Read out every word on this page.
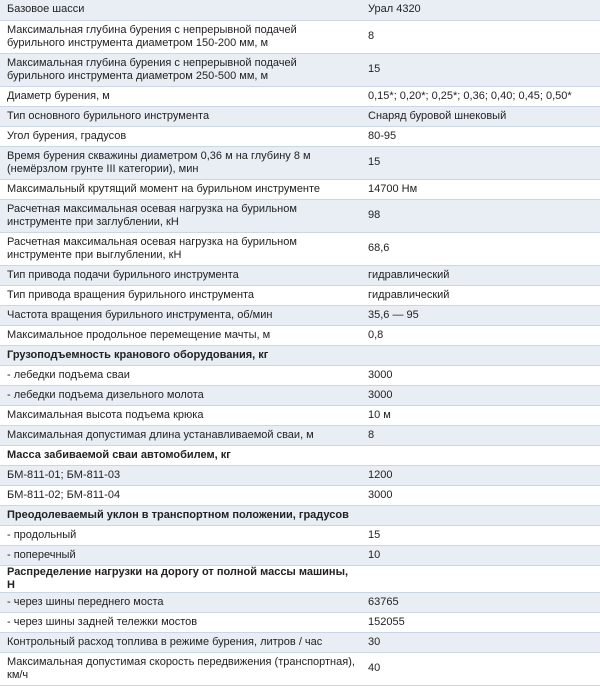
Базовое шасси	Урал 4320
Максимальная глубина бурения с непрерывной подачей бурильного инструмента диаметром 150-200 мм, м	8
Максимальная глубина бурения с непрерывной подачей бурильного инструмента диаметром 250-500 мм, м	15
Диаметр бурения, м	0,15*; 0,20*; 0,25*; 0,36; 0,40; 0,45; 0,50*
Тип основного бурильного инструмента	Снаряд буровой шнековый
Угол бурения, градусов	80-95
Время бурения скважины диаметром 0,36 м на глубину 8 м (немёрзлом грунте III категории), мин	15
Максимальный крутящий момент на бурильном инструменте	14700 Нм
Расчетная максимальная осевая нагрузка на бурильном инструменте при заглублении, кН	98
Расчетная максимальная осевая нагрузка на бурильном инструменте при выглублении, кН	68,6
Тип привода подачи бурильного инструмента	гидравлический
Тип привода вращения бурильного инструмента	гидравлический
Частота вращения бурильного инструмента, об/мин	35,6 — 95
Максимальное продольное перемещение мачты, м	0,8
Грузоподъемность кранового оборудования, кг	
- лебедки подъема сваи	3000
- лебедки подъема дизельного молота	3000
Максимальная высота подъема крюка	10 м
Максимальная допустимая длина устанавливаемой сваи, м	8
Масса забиваемой сваи автомобилем, кг	
БМ-811-01; БМ-811-03	1200
БМ-811-02; БМ-811-04	3000
Преодолеваемый уклон в транспортном положении, градусов	
- продольный	15
- поперечный	10
Распределение нагрузки на дорогу от полной массы машины, Н	
- через шины переднего моста	63765
- через шины задней тележки мостов	152055
Контрольный расход топлива в режиме бурения, литров / час	30
Максимальная допустимая скорость передвижения (транспортная), км/ч	40
